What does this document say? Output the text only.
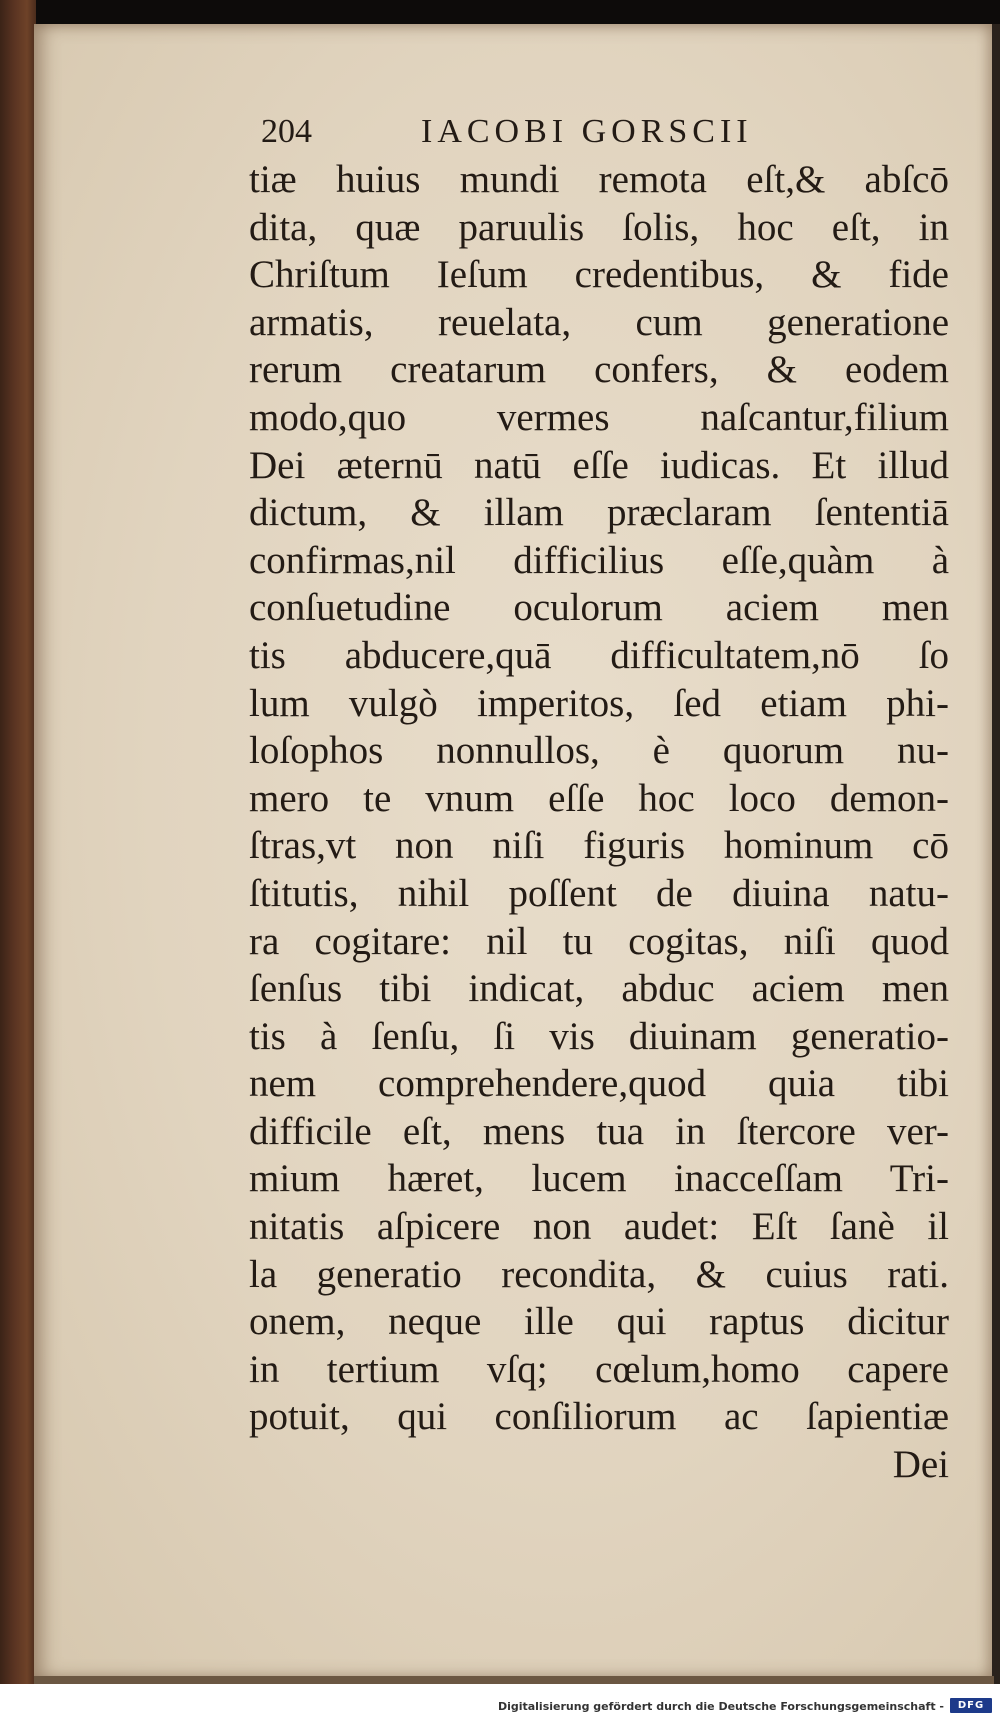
204	IACOBI GORSCII
tiæ huius mundi remota eſt,& abſcō
dita, quæ paruulis ſolis, hoc eſt, in
Chriſtum Ieſum credentibus, & fide
armatis, reuelata, cum generatione
rerum creatarum confers, & eodem
modo,quo vermes naſcantur,filium
Dei æternū natū eſſe iudicas. Et illud
dictum, & illam præclaram ſententiā
confirmas,nil difficilius eſſe,quàm à
conſuetudine oculorum aciem men
tis abducere,quā difficultatem,nō ſo
lum vulgò imperitos, ſed etiam phi-
loſophos nonnullos, è quorum nu-
mero te vnum eſſe hoc loco demon-
ſtras,vt non niſi figuris hominum cō
ſtitutis, nihil poſſent de diuina natu-
ra cogitare: nil tu cogitas, niſi quod
ſenſus tibi indicat, abduc aciem men
tis à ſenſu, ſi vis diuinam generatio-
nem comprehendere,quod quia tibi
difficile eſt, mens tua in ſtercore ver-
mium hæret, lucem inacceſſam Tri-
nitatis aſpicere non audet: Eſt ſanè il
la generatio recondita, & cuius rati.
onem, neque ille qui raptus dicitur
in tertium vſq; cœlum,homo capere
potuit, qui conſiliorum ac ſapientiæ
Dei
Digitalisierung gefördert durch die Deutsche Forschungsgemeinschaft -	DFG
